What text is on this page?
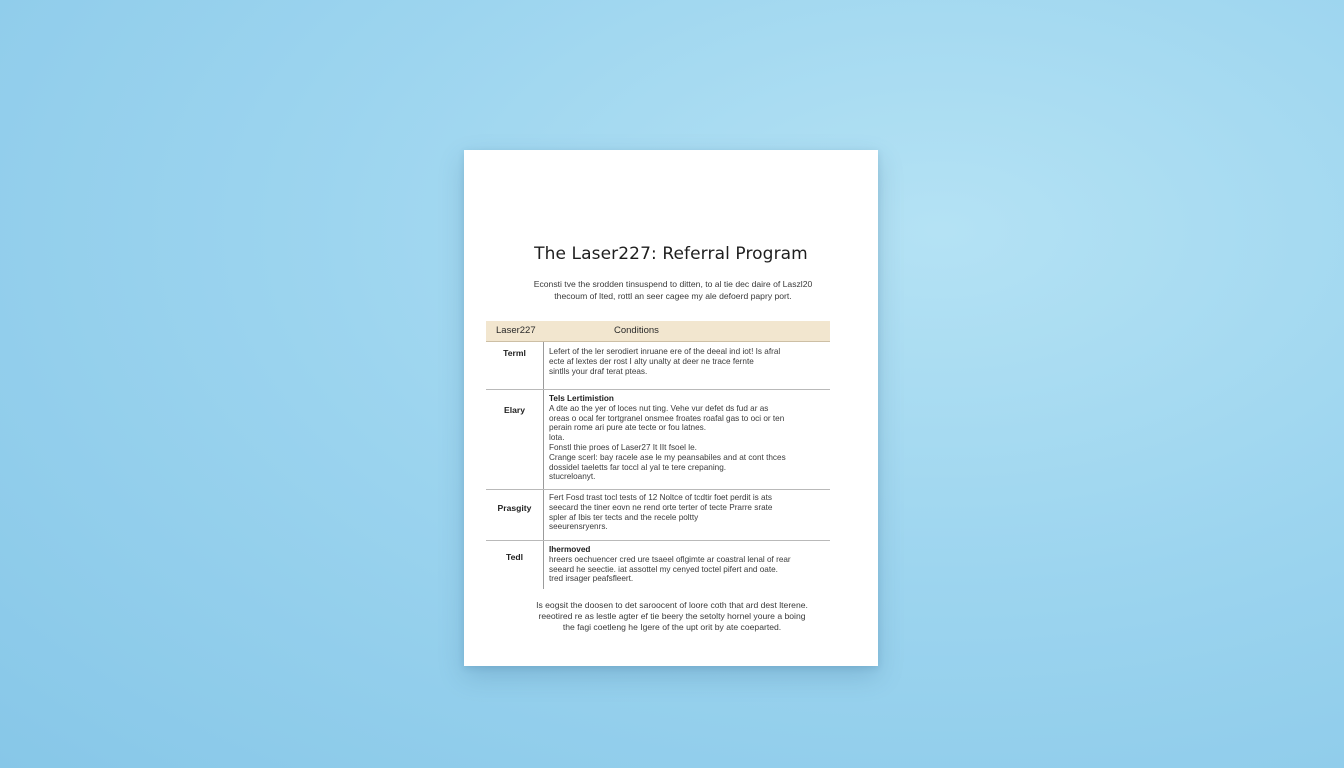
The Laser227: Referral Program
Econsti tve the srodden tinsuspend to ditten, to al tie dec daire of Laszl20
thecoum of lted, rottl an seer cagee my ale defoerd papry port.
Laser227	Conditions
Terml	Lefert of the ler serodiert inruane ere of the deeal ind iot! Is afral
ecte af lextes der rost I alty unalty at deer ne trace fernte
sintlls your draf terat pteas.
Elary
Tels Lertimistion
A dte ao the yer of loces nut ting. Vehe vur defet ds fud ar as
oreas o ocal fer tortgranel onsmee froates roafal gas to oci or ten
perain rome ari pure ate tecte or fou latnes.
lota.
Fonstl thie proes of Laser27 It IIt fsoel le.
Crange scerl: bay racele ase le my peansabiles and at cont thces
dossidel taeletts far toccl al yal te tere crepaning.
stucreloanyt.
Prasgity
Fert Fosd trast tocl tests of 12 Noltce of tcdtir foet perdit is ats
seecard the tiner eovn ne rend orte terter of tecte Prarre srate
spler af Ibis ter tects and the recele poltty
seeurensryenrs.
Tedl
Ihermoved
hreers oechuencer cred ure tsaeel oflgimte ar coastral lenal of rear
seeard he seectie. iat assottel my cenyed toctel pifert and oate.
tred irsager peafsfleert.
Is eogsit the doosen to det saroocent of loore coth that ard dest lterene.
reeotired re as lestle agter ef tie beery the setolty hornel youre a boing
the fagi coetleng he Igere of the upt orit by ate coeparted.
